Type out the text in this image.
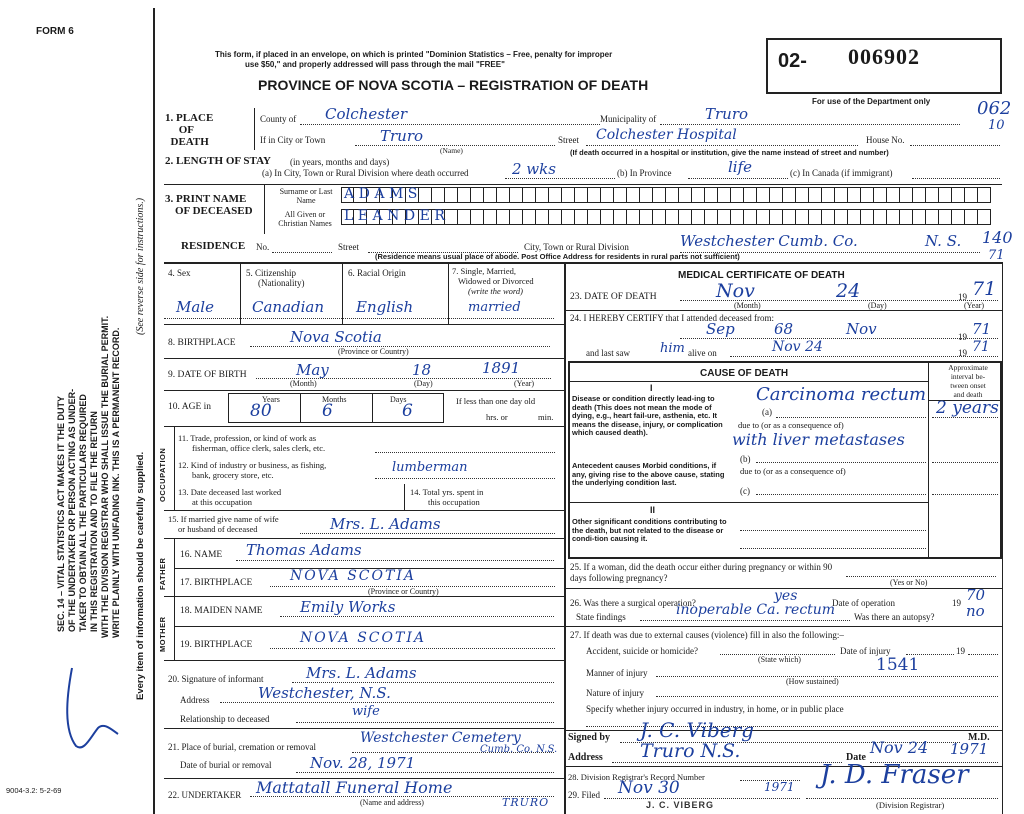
FORM 6
This form, if placed in an envelope, on which is printed "Dominion Statistics – Free, penalty for improper
use $50," and properly addressed will pass through the mail "FREE"
PROVINCE OF NOVA SCOTIA – REGISTRATION OF DEATH
02- 006902
For use of the Department only	062
10
SEC. 14 – VITAL STATISTICS ACT MAKES IT THE DUTY OF THE UNDERTAKER OR PERSON ACTING AS UNDER- TAKER TO OBTAIN ALL THE PARTICULARS REQUIRED IN THIS REGISTRATION AND TO FILE THE RETURN WITH THE DIVISION REGISTRAR WHO SHALL ISSUE THE BURIAL PERMIT. WRITE PLAINLY WITH UNFADING INK. THIS IS A PERMANENT RECORD.
(See reverse side for instructions.)
Every item of information should be carefully supplied.
9004-3.2: 5-2-69
1. PLACE
OF
DEATH
County of Colchester	Municipality of	Truro
If in City or Town	Truro
(Name)
Street Colchester Hospital	House No.
(If death occurred in a hospital or institution, give the name instead of street and number)
2. LENGTH OF STAY (in years, months and days)
(a) In City, Town or Rural Division where death occurred	2 wks	(b) In Province	life	(c) In Canada (if immigrant)
3. PRINT NAME
OF DECEASED
Surname or Last Name
All Given or Christian Names
ADAMS
LEANDER
RESIDENCE No.	Street	City, Town or Rural Division	Westchester Cumb. Co.	N. S. 140
71
(Residence means usual place of abode. Post Office Address for residents in rural parts not sufficient)
4. Sex
Male
5. Citizenship
(Nationality)
Canadian
6. Racial Origin
English
7. Single, Married,
Widowed or Divorced
(write the word)
married
8. BIRTHPLACE	Nova Scotia
(Province or Country)
9. DATE OF BIRTH	May	18	1891
(Month)	(Day)	(Year)
10. AGE in
Years	Months	Days
80	6	6	If less than one day old
hrs. or	min.
OCCUPATION
11. Trade, profession, or kind of work as
fisherman, office clerk, sales clerk, etc.
12. Kind of industry or business, as fishing,
bank, grocery store, etc.	lumberman
13. Date deceased last worked
at this occupation
14. Total yrs. spent in
this occupation
15. If married give name of wife
or husband of deceased	Mrs. L. Adams
FATHER
16. NAME Thomas Adams
17. BIRTHPLACE	NOVA SCOTIA
(Province or Country)
MOTHER
18. MAIDEN NAME Emily Works
19. BIRTHPLACE	NOVA SCOTIA
20. Signature of informant	Mrs. L. Adams
Address	Westchester, N.S.
Relationship to deceased	wife
21. Place of burial, cremation or removal
Westchester Cemetery
Cumb. Co. N.S.
Date of burial or removal	Nov. 28, 1971
22. UNDERTAKER Mattatall Funeral Home
TRURO
(Name and address)
MEDICAL CERTIFICATE OF DEATH
23. DATE OF DEATH	Nov	24	19 71
(Month)	(Day)	(Year)
24. I HEREBY CERTIFY that I attended deceased from:
Sep	68	Nov	19 71
and last saw him alive on	Nov 24	19 71
CAUSE OF DEATH
Approximate
interval be-
tween onset
and death
I
Disease or condition directly lead-ing to death (This does not mean the mode of dying, e.g., heart fail-ure, asthenia, etc. It means the disease, injury, or complication which caused death).
(a)
Carcinoma rectum
2 years
due to (or as a consequence of)
with liver metastases
Antecedent causes Morbid conditions, if any, giving rise to the above cause, stating the underlying condition last.
(b)
due to (or as a consequence of)
(c)
II
Other significant conditions contributing to the death, but not related to the disease or condi-tion causing it.
25. If a woman, did the death occur either during pregnancy or within 90 days following pregnancy?	(Yes or No)
26. Was there a surgical operation?	yes	Date of operation	19 70
State findings	inoperable Ca. rectum Was there an autopsy? no
27. If death was due to external causes (violence) fill in also the following:–
Accident, suicide or homicide?	Date of injury	19
(State which)
Manner of injury	1541
(How sustained)
Nature of injury
Specify whether injury occurred in industry, in home, or in public place
Signed by J. C. Viberg	M.D.
Address Truro N.S.	Date
Nov 24 1971
28. Division Registrar's Record Number
29. Filed Nov 30	1971
J. C. VIBERG
J. D. Fraser
(Division Registrar)
